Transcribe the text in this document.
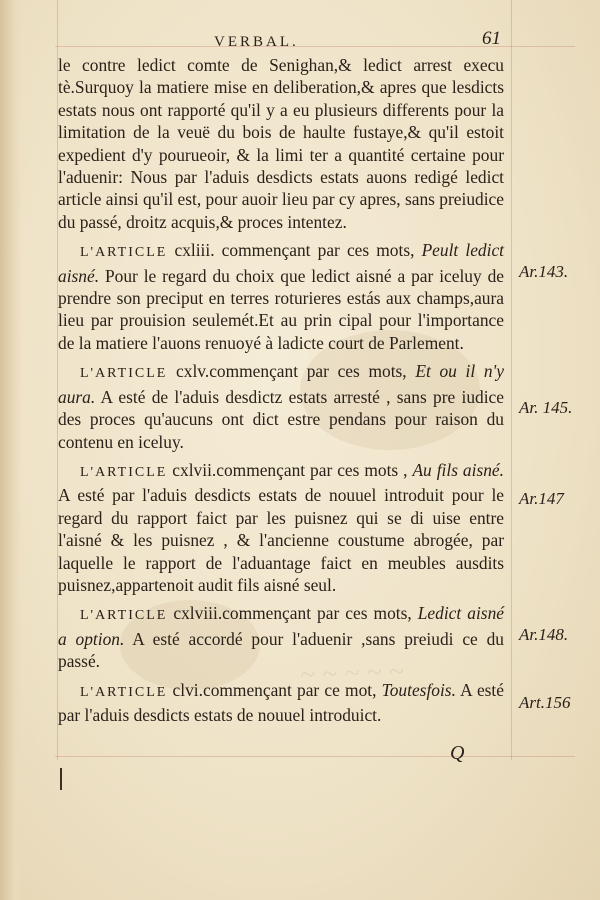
~ ~ ~ ~ ~
VERBAL.	61

le contre ledict comte de Senighan,& ledict arrest execu tè.Surquoy la matiere mise en deliberation,& apres que lesdicts estats nous ont rapporté qu'il y a eu plusieurs differents pour la limitation de la veuë du bois de haulte fustaye,& qu'il estoit expedient d'y pourueoir, & la limi ter a quantité certaine pour l'aduenir: Nous par l'aduis desdicts estats auons redigé ledict article ainsi qu'il est, pour auoir lieu par cy apres, sans preiudice du passé, droitz acquis,& proces intentez.

L'ARTICLE cxliii. commençant par ces mots, Peult ledict aisné. Pour le regard du choix que ledict aisné a par iceluy de prendre son preciput en terres roturieres estás aux champs,aura lieu par prouision seulemét.Et au prin cipal pour l'importance de la matiere l'auons renuoyé à ladicte court de Parlement.

L'ARTICLE cxlv.commençant par ces mots, Et ou il n'y aura. A esté de l'aduis desdictz estats arresté , sans pre iudice des proces qu'aucuns ont dict estre pendans pour raison du contenu en iceluy.

L'ARTICLE cxlvii.commençant par ces mots , Au fils aisné. A esté par l'aduis desdicts estats de nouuel introduit pour le regard du rapport faict par les puisnez qui se di uise entre l'aisné & les puisnez , & l'ancienne coustume abrogée, par laquelle le rapport de l'aduantage faict en meubles ausdits puisnez,appartenoit audit fils aisné seul.

L'ARTICLE cxlviii.commençant par ces mots, Ledict aisné a option. A esté accordé pour l'aduenir ,sans preiudi ce du passé.

L'ARTICLE clvi.commençant par ce mot, Toutesfois. A esté par l'aduis desdicts estats de nouuel introduict.

Ar.143.
Ar. 145.
Ar.147
Ar.148.
Art.156
Q
